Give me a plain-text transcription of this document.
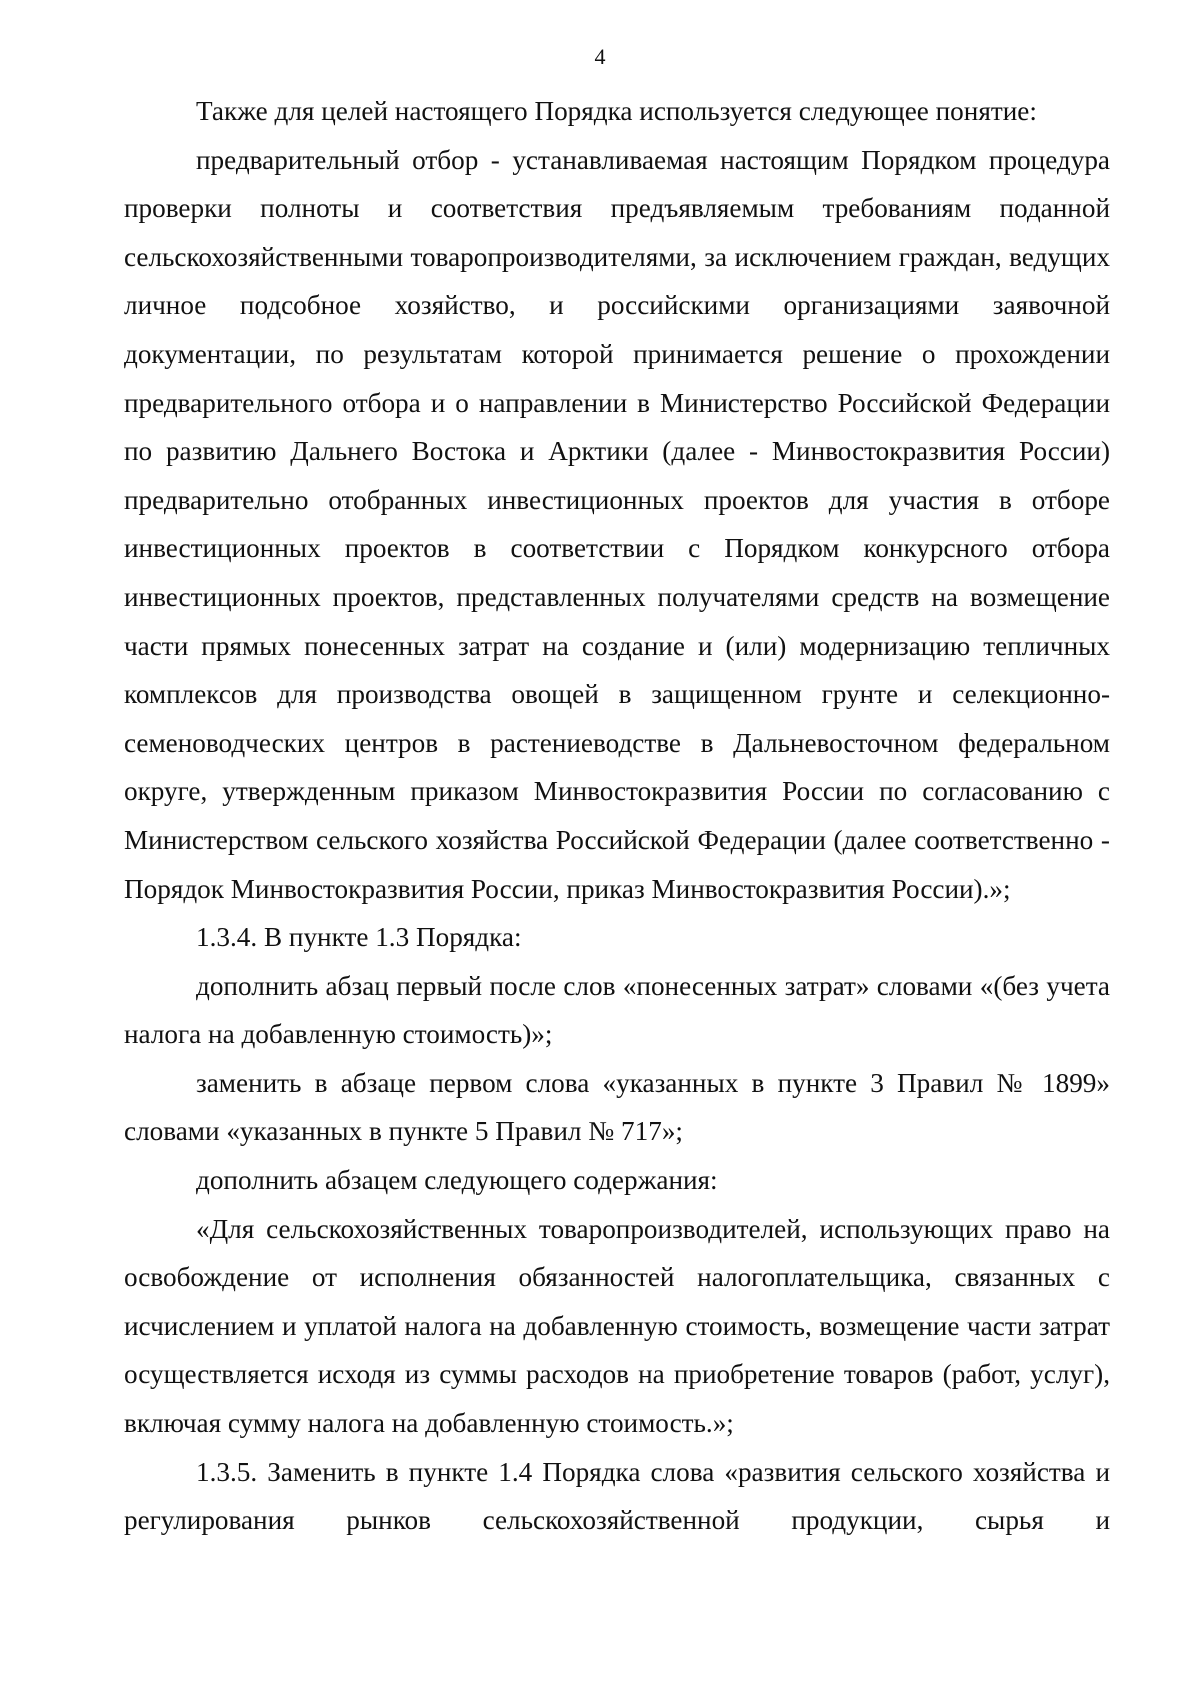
4

Также для целей настоящего Порядка используется следующее понятие:

предварительный отбор - устанавливаемая настоящим Порядком процедура проверки полноты и соответствия предъявляемым требованиям поданной сельскохозяйственными товаропроизводителями, за исключением граждан, ведущих личное подсобное хозяйство, и российскими организациями заявочной документации, по результатам которой принимается решение о прохождении предварительного отбора и о направлении в Министерство Российской Федерации по развитию Дальнего Востока и Арктики (далее - Минвостокразвития России) предварительно отобранных инвестиционных проектов для участия в отборе инвестиционных проектов в соответствии с Порядком конкурсного отбора инвестиционных проектов, представленных получателями средств на возмещение части прямых понесенных затрат на создание и (или) модернизацию тепличных комплексов для производства овощей в защищенном грунте и селекционно-семеноводческих центров в растениеводстве в Дальневосточном федеральном округе, утвержденным приказом Минвостокразвития России по согласованию с Министерством сельского хозяйства Российской Федерации (далее соответственно - Порядок Минвостокразвития России, приказ Минвостокразвития России).»;

1.3.4. В пункте 1.3 Порядка:

дополнить абзац первый после слов «понесенных затрат» словами «(без учета налога на добавленную стоимость)»;

заменить в абзаце первом слова «указанных в пункте 3 Правил № 1899» словами «указанных в пункте 5 Правил № 717»;

дополнить абзацем следующего содержания:

«Для сельскохозяйственных товаропроизводителей, использующих право на освобождение от исполнения обязанностей налогоплательщика, связанных с исчислением и уплатой налога на добавленную стоимость, возмещение части затрат осуществляется исходя из суммы расходов на приобретение товаров (работ, услуг), включая сумму налога на добавленную стоимость.»;

1.3.5. Заменить в пункте 1.4 Порядка слова «развития сельского хозяйства и регулирования рынков сельскохозяйственной продукции, сырья и
